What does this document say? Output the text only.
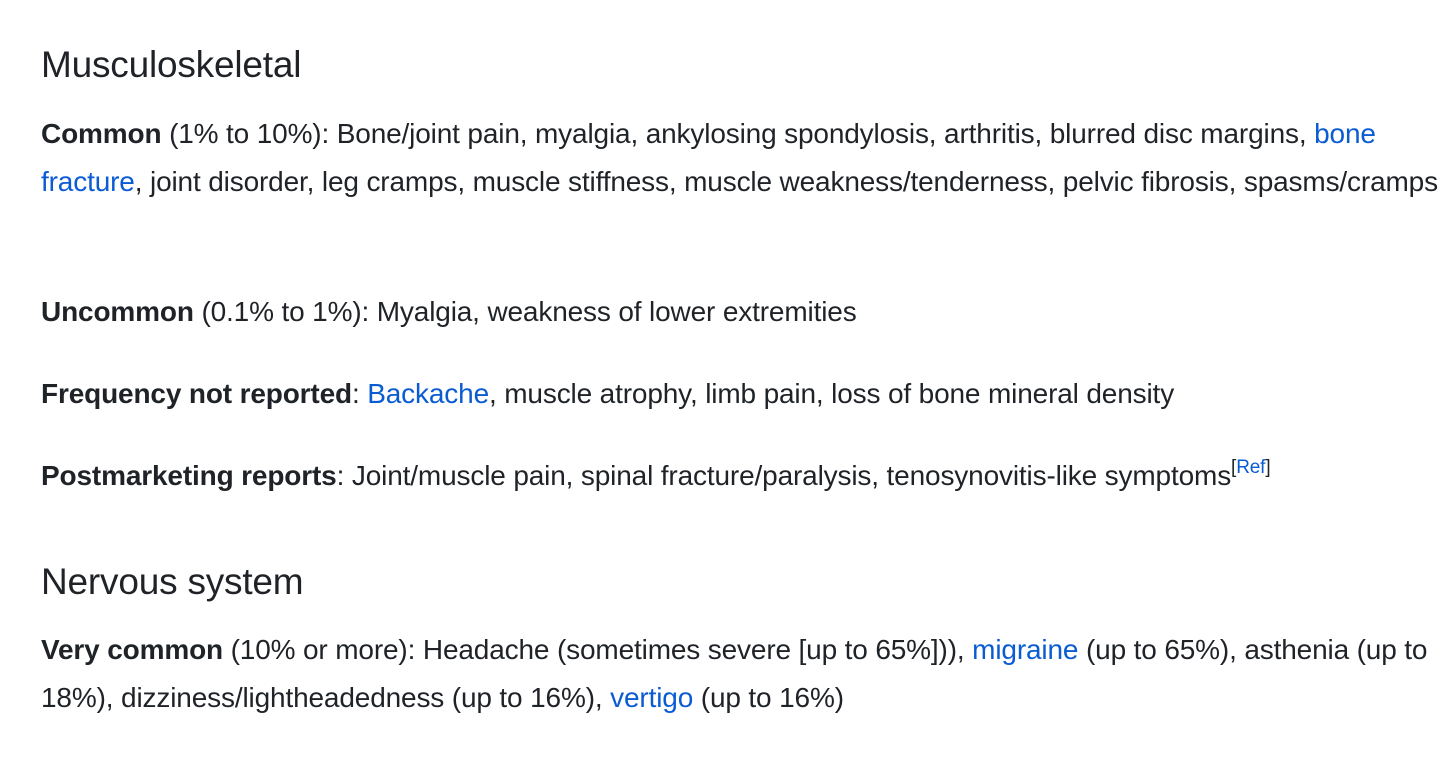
Musculoskeletal

Common (1% to 10%): Bone/joint pain, myalgia, ankylosing spondylosis, arthritis, blurred disc margins, bone fracture, joint disorder, leg cramps, muscle stiffness, muscle weakness/tenderness, pelvic fibrosis, spasms/cramps

Uncommon (0.1% to 1%): Myalgia, weakness of lower extremities

Frequency not reported: Backache, muscle atrophy, limb pain, loss of bone mineral density

Postmarketing reports: Joint/muscle pain, spinal fracture/paralysis, tenosynovitis-like symptoms[Ref]

Nervous system

Very common (10% or more): Headache (sometimes severe [up to 65%])), migraine (up to 65%), asthenia (up to 18%), dizziness/lightheadedness (up to 16%), vertigo (up to 16%)
